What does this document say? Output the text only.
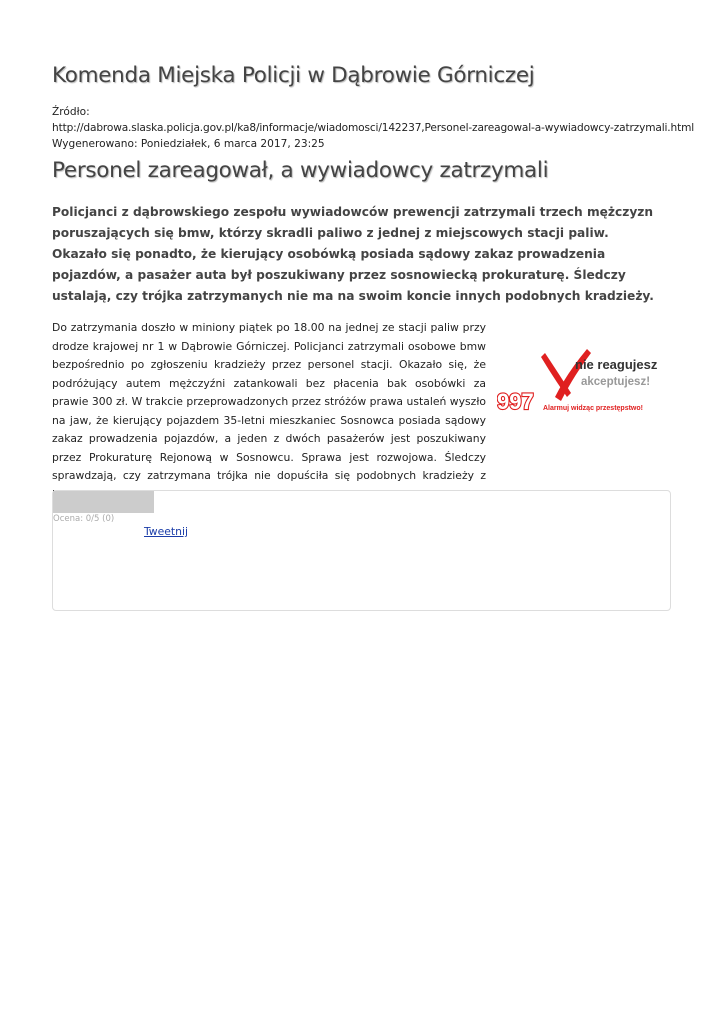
Komenda Miejska Policji w Dąbrowie Górniczej
Źródło:
http://dabrowa.slaska.policja.gov.pl/ka8/informacje/wiadomosci/142237,Personel-zareagowal-a-wywiadowcy-zatrzymali.html
Wygenerowano: Poniedziałek, 6 marca 2017, 23:25
Personel zareagował, a wywiadowcy zatrzymali

Policjanci z dąbrowskiego zespołu wywiadowców prewencji zatrzymali trzech mężczyzn poruszających się bmw, którzy skradli paliwo z jednej z miejscowych stacji paliw. Okazało się ponadto, że kierujący osobówką posiada sądowy zakaz prowadzenia pojazdów, a pasażer auta był poszukiwany przez sosnowiecką prokuraturę. Śledczy ustalają, czy trójka zatrzymanych nie ma na swoim koncie innych podobnych kradzieży.

Do zatrzymania doszło w miniony piątek po 18.00 na jednej ze stacji paliw przy drodze krajowej nr 1 w Dąbrowie Górniczej. Policjanci zatrzymali osobowe bmw bezpośrednio po zgłoszeniu kradzieży przez personel stacji. Okazało się, że podróżujący autem mężczyźni zatankowali bez płacenia bak osobówki za prawie 300 zł. W trakcie przeprowadzonych przez stróżów prawa ustaleń wyszło na jaw, że kierujący pojazdem 35-letni mieszkaniec Sosnowca posiada sądowy zakaz prowadzenia pojazdów, a jeden z dwóch pasażerów jest poszukiwany przez Prokuraturę Rejonową w Sosnowcu. Sprawa jest rozwojowa. Śledczy sprawdzają, czy zatrzymana trójka nie dopuściła się podobnych kradzieży z

nie reagujesz
akceptujesz!
997 Alarmuj widząc przestępstwo!
Ocena: 0/5 (0)
Tweetnij
